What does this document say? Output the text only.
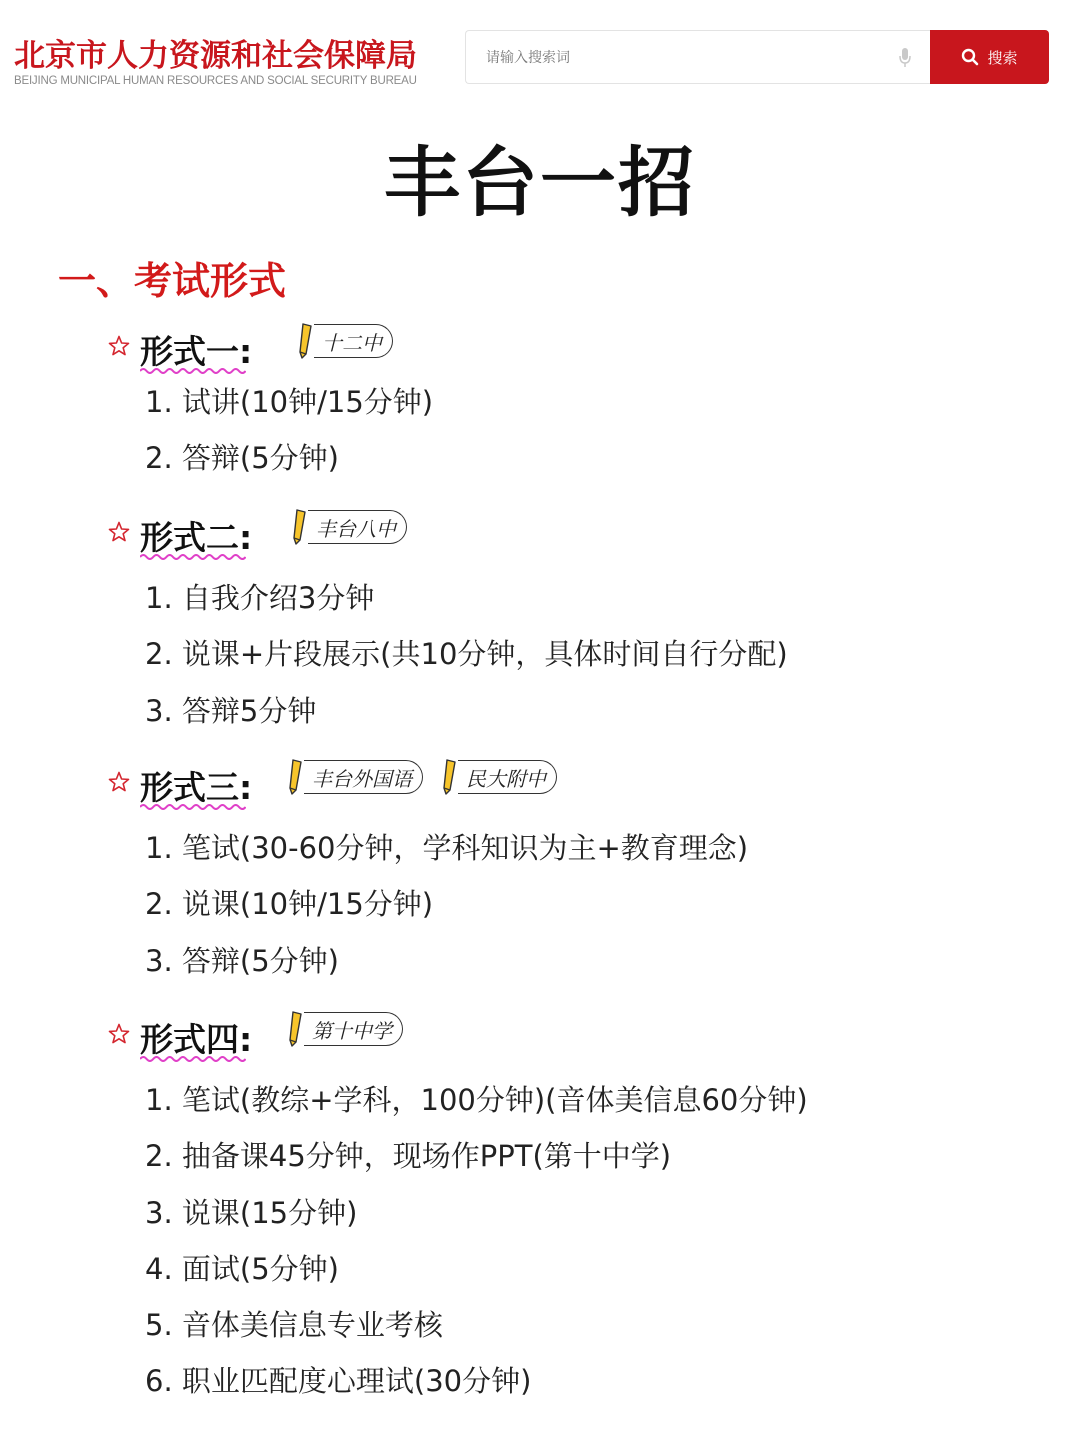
北京市人力资源和社会保障局
BEIJING MUNICIPAL HUMAN RESOURCES AND SOCIAL SECURITY BUREAU
请输入搜索词
搜索
丰台一招
一、考试形式
形式一:	十二中
1. 试讲(10钟/15分钟)
2. 答辩(5分钟)
形式二:	丰台八中
1. 自我介绍3分钟
2. 说课+片段展示(共10分钟，具体时间自行分配)
3. 答辩5分钟
形式三:	丰台外国语	民大附中
1. 笔试(30-60分钟，学科知识为主+教育理念)
2. 说课(10钟/15分钟)
3. 答辩(5分钟)
形式四:	第十中学
1. 笔试(教综+学科，100分钟)(音体美信息60分钟)
2. 抽备课45分钟，现场作PPT(第十中学)
3. 说课(15分钟)
4. 面试(5分钟)
5. 音体美信息专业考核
6. 职业匹配度心理试(30分钟)
